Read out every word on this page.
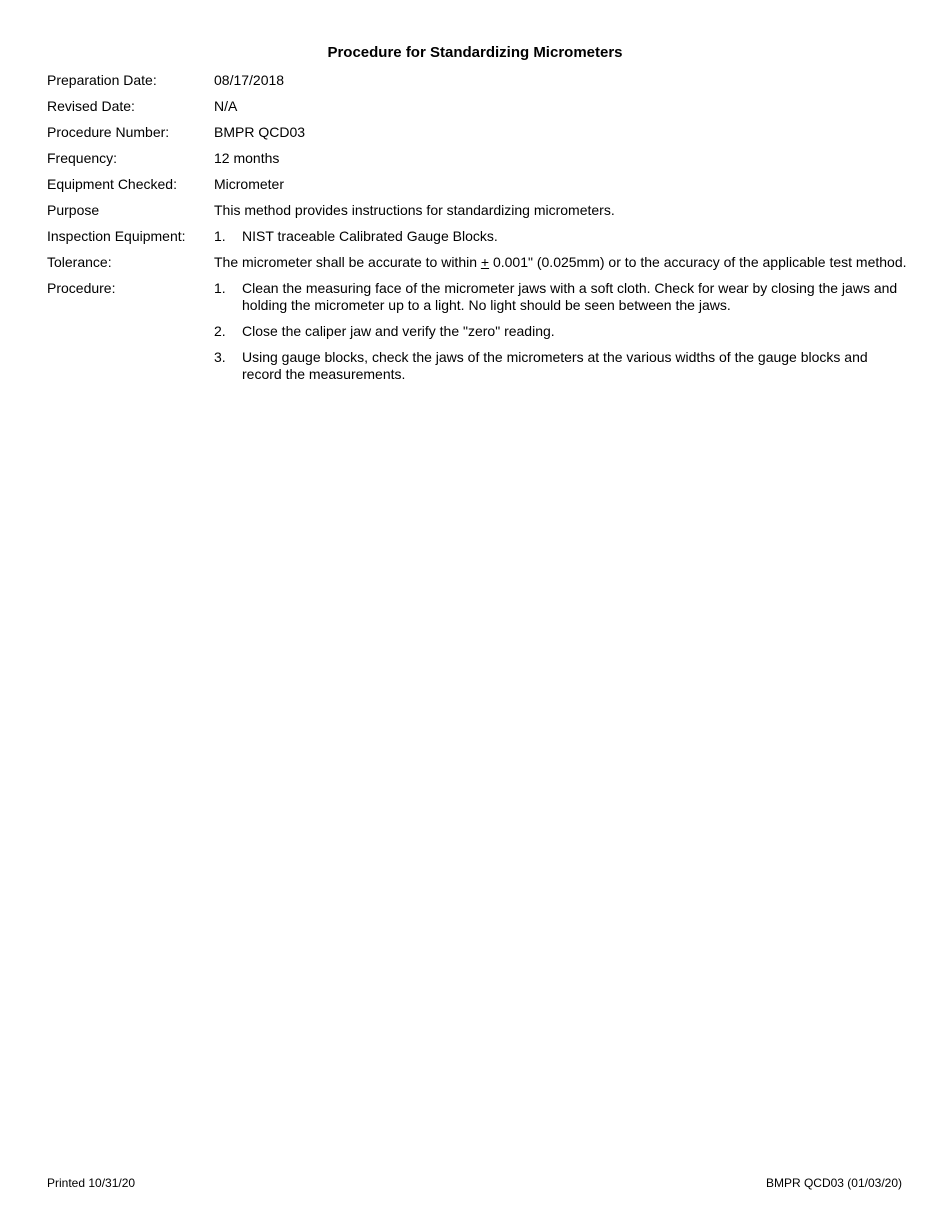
Procedure for Standardizing Micrometers
Preparation Date:	08/17/2018
Revised Date:	N/A
Procedure Number:	BMPR QCD03
Frequency:	12 months
Equipment Checked:	Micrometer
Purpose	This method provides instructions for standardizing micrometers.
Inspection Equipment:	1.	NIST traceable Calibrated Gauge Blocks.
Tolerance:	The micrometer shall be accurate to within + 0.001" (0.025mm) or to the accuracy of the applicable test method.
Procedure:	1.	Clean the measuring face of the micrometer jaws with a soft cloth. Check for wear by closing the jaws and holding the micrometer up to a light. No light should be seen between the jaws.
2.	Close the caliper jaw and verify the "zero" reading.
3.	Using gauge blocks, check the jaws of the micrometers at the various widths of the gauge blocks and record the measurements.
Printed 10/31/20	BMPR QCD03 (01/03/20)
